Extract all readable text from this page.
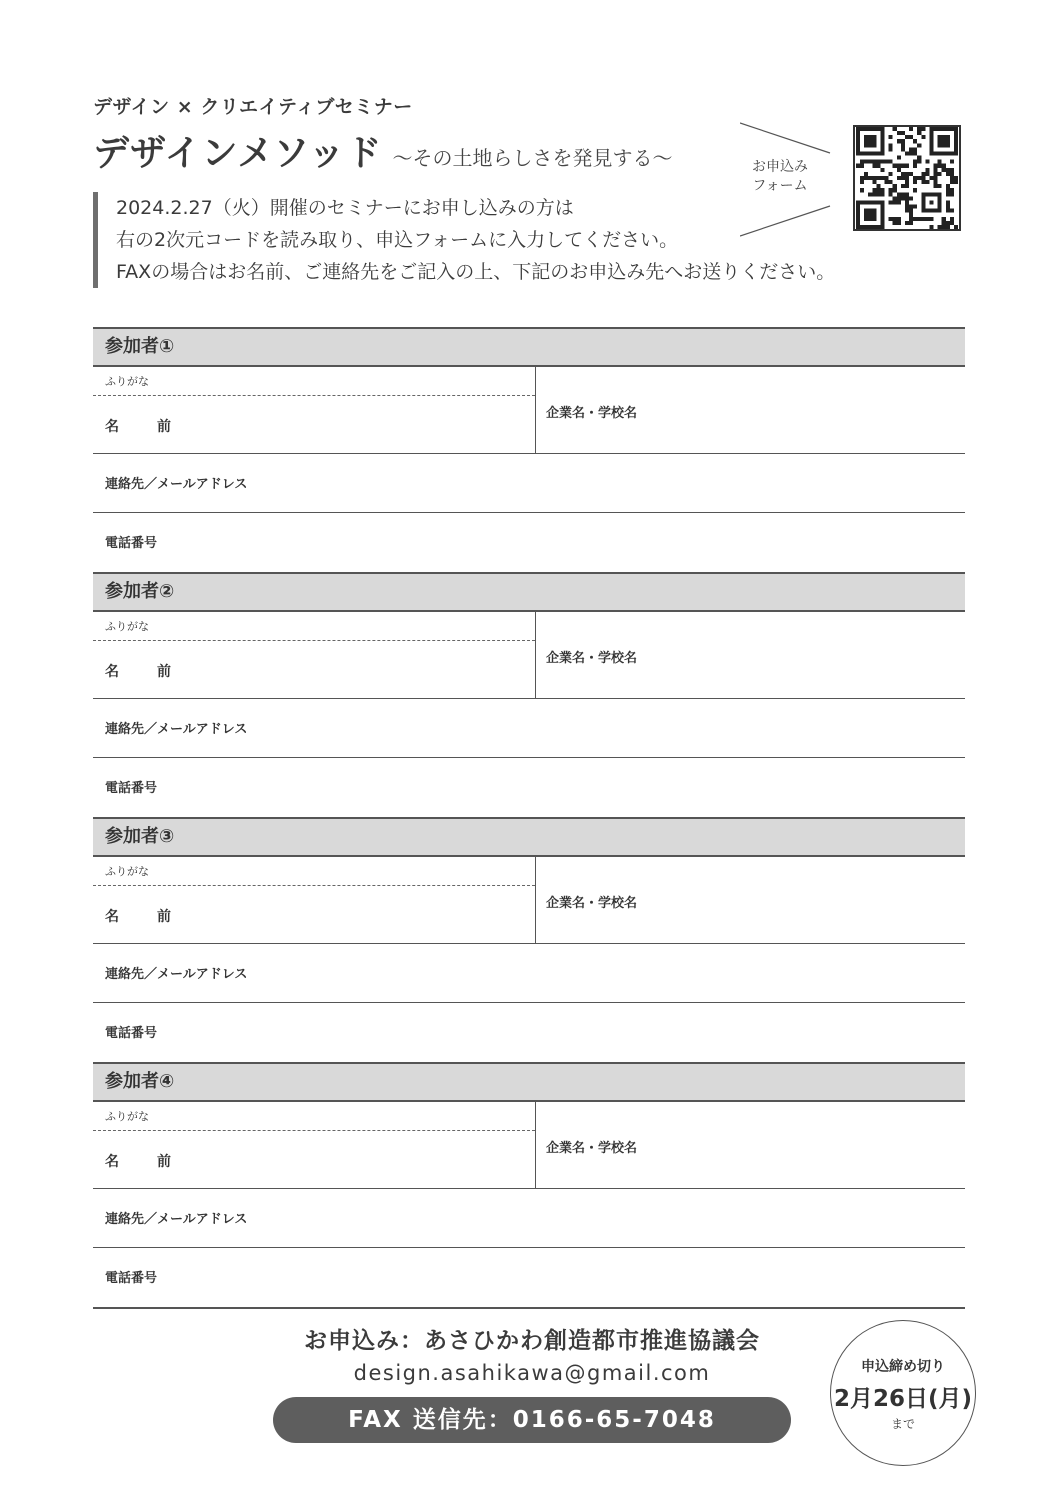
デザイン × クリエイティブセミナー
デザインメソッド 〜その土地らしさを発見する〜
2024.2.27（火）開催のセミナーにお申し込みの方は
右の2次元コードを読み取り、申込フォームに入力してください。
FAXの場合はお名前、ご連絡先をご記入の上、下記のお申込み先へお送りください。
お申込み フォーム
参加者①
ふりがな
名　前
企業名・学校名
連絡先／メールアドレス
電話番号
参加者②
ふりがな
名　前
企業名・学校名
連絡先／メールアドレス
電話番号
参加者③
ふりがな
名　前
企業名・学校名
連絡先／メールアドレス
電話番号
参加者④
ふりがな
名　前
企業名・学校名
連絡先／メールアドレス
電話番号
お申込み：あさひかわ創造都市推進協議会
design.asahikawa@gmail.com
FAX 送信先：0166-65-7048
申込締め切り
2月26日(月)
まで
